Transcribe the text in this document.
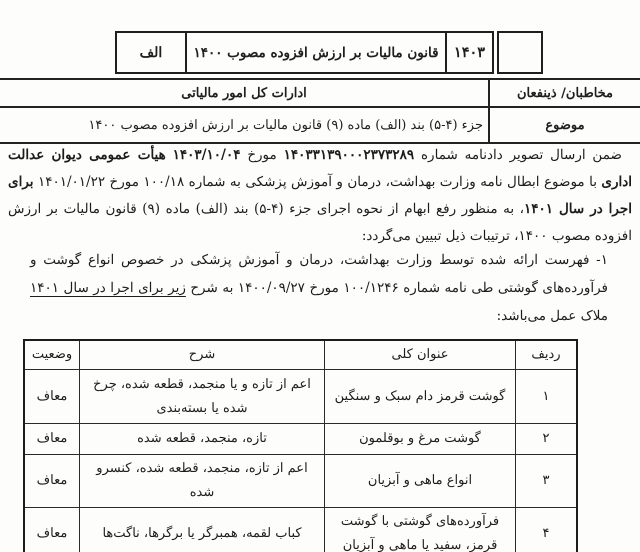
۱۴۰۳
قانون مالیات بر ارزش افزوده مصوب ۱۴۰۰
الف
مخاطبان/ ذینفعان
ادارات کل امور مالیاتی
موضوع
جزء (۴-۵) بند (الف) ماده (۹) قانون مالیات بر ارزش افزوده مصوب ۱۴۰۰

ضمن ارسال تصویر دادنامه شماره ۱۴۰۳۳۱۳۹۰۰۰۲۳۷۳۲۸۹ مورخ ۱۴۰۳/۱۰/۰۴ هیأت عمومی دیوان عدالت اداری با موضوع ابطال نامه وزارت بهداشت، درمان و آموزش پزشکی به شماره ۱۰۰/۱۸ مورخ ۱۴۰۱/۰۱/۲۲ برای اجرا در سال ۱۴۰۱، به منظور رفع ابهام از نحوه اجرای جزء (۴-۵) بند (الف) ماده (۹) قانون مالیات بر ارزش افزوده مصوب ۱۴۰۰، ترتیبات ذیل تبیین می‌گردد:

۱- فهرست ارائه شده توسط وزارت بهداشت، درمان و آموزش پزشکی در خصوص انواع گوشت و فرآورده‌های گوشتی طی نامه شماره ۱۰۰/۱۲۴۶ مورخ ۱۴۰۰/۰۹/۲۷ به شرح زیر برای اجرا در سال ۱۴۰۱ ملاک عمل می‌باشد:

ردیف	عنوان کلی	شرح	وضعیت
۱	گوشت قرمز دام سبک و سنگین	اعم از تازه و یا منجمد، قطعه شده، چرخ شده یا بسته‌بندی	معاف
۲	گوشت مرغ و بوقلمون	تازه، منجمد، قطعه شده	معاف
۳	انواع ماهی و آبزیان	اعم از تازه، منجمد، قطعه شده، کنسرو شده	معاف
۴	فرآورده‌های گوشتی با گوشت قرمز، سفید یا ماهی و آبزیان	کباب لقمه، همبرگر یا برگرها، ناگت‌ها	معاف
